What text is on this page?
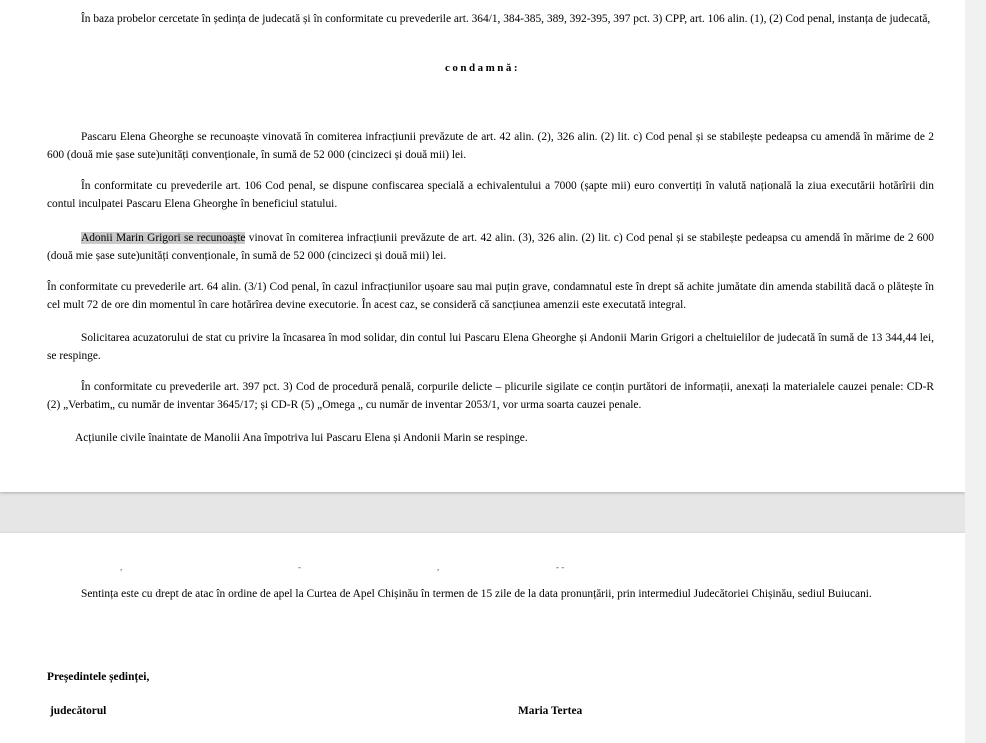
În baza probelor cercetate în ședința de judecată și în conformitate cu prevederile art. 364/1, 384-385, 389, 392-395, 397 pct. 3) CPP, art. 106 alin. (1), (2) Cod penal, instanța de judecată,

condamnă:

Pascaru Elena Gheorghe se recunoaște vinovată în comiterea infracțiunii prevăzute de art. 42 alin. (2), 326 alin. (2) lit. c) Cod penal și se stabilește pedeapsa cu amendă în mărime de 2 600 (două mie șase sute)unități convenționale, în sumă de 52 000 (cincizeci și două mii) lei.

În conformitate cu prevederile art. 106 Cod penal, se dispune confiscarea specială a echivalentului a 7000 (șapte mii) euro convertiți în valută națională la ziua executării hotărîrii din contul inculpatei Pascaru Elena Gheorghe în beneficiul statului.

Adonii Marin Grigori se recunoaște vinovat în comiterea infracțiunii prevăzute de art. 42 alin. (3), 326 alin. (2) lit. c) Cod penal și se stabilește pedeapsa cu amendă în mărime de 2 600 (două mie șase sute)unități convenționale, în sumă de 52 000 (cincizeci și două mii) lei.

În conformitate cu prevederile art. 64 alin. (3/1) Cod penal, în cazul infracțiunilor ușoare sau mai puțin grave, condamnatul este în drept să achite jumătate din amenda stabilită dacă o plătește în cel mult 72 de ore din momentul în care hotărîrea devine executorie. În acest caz, se consideră că sancțiunea amenzii este executată integral.

Solicitarea acuzatorului de stat cu privire la încasarea în mod solidar, din contul lui Pascaru Elena Gheorghe și Andonii Marin Grigori a cheltuielilor de judecată în sumă de 13 344,44 lei, se respinge.

În conformitate cu prevederile art. 397 pct. 3) Cod de procedură penală, corpurile delicte – plicurile sigilate ce conțin purtători de informații, anexați la materialele cauzei penale: CD-R (2) „Verbatim„ cu număr de inventar 3645/17; și CD-R (5) „Omega „ cu număr de inventar 2053/1, vor urma soarta cauzei penale.

Acțiunile civile înaintate de Manolii Ana împotriva lui Pascaru Elena și Andonii Marin se respinge.

Sentința este cu drept de atac în ordine de apel la Curtea de Apel Chișinău în termen de 15 zile de la data pronunțării, prin intermediul Judecătoriei Chișinău, sediul Buiucani.

Președintele ședinței,

judecătorul	Maria Tertea

,	-	,	- -
